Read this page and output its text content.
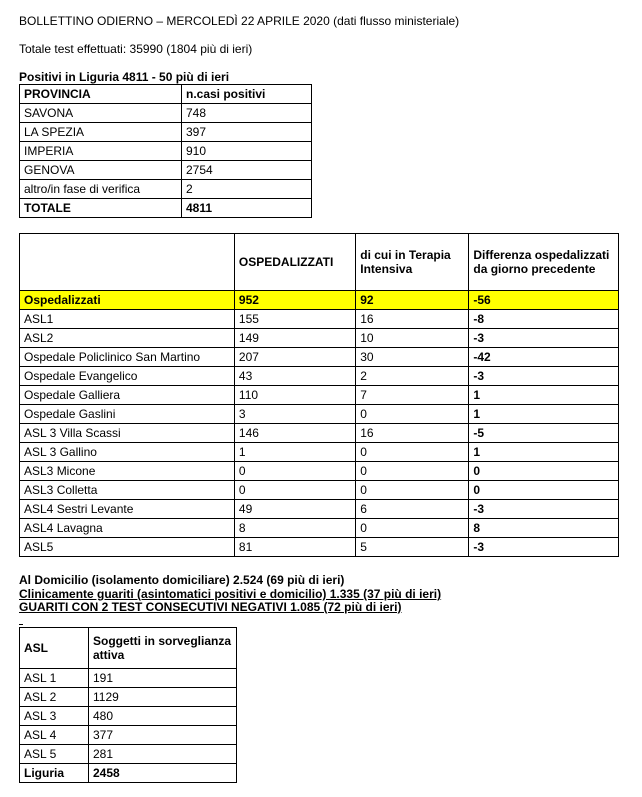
BOLLETTINO ODIERNO – MERCOLEDÌ 22 APRILE 2020 (dati flusso ministeriale)
Totale test effettuati: 35990 (1804 più di ieri)
Positivi in Liguria 4811 - 50 più di ieri
PROVINCIA	n.casi positivi
SAVONA	748
LA SPEZIA	397
IMPERIA	910
GENOVA	2754
altro/in fase di verifica	2
TOTALE	4811
	OSPEDALIZZATI	di cui in Terapia Intensiva	Differenza ospedalizzati da giorno precedente
Ospedalizzati	952	92	-56
ASL1	155	16	-8
ASL2	149	10	-3
Ospedale Policlinico San Martino	207	30	-42
Ospedale Evangelico	43	2	-3
Ospedale Galliera	110	7	1
Ospedale Gaslini	3	0	1
ASL 3 Villa Scassi	146	16	-5
ASL 3 Gallino	1	0	1
ASL3 Micone	0	0	0
ASL3 Colletta	0	0	0
ASL4 Sestri Levante	49	6	-3
ASL4 Lavagna	8	0	8
ASL5	81	5	-3
Al Domicilio (isolamento domiciliare) 2.524 (69 più di ieri)
Clinicamente guariti (asintomatici positivi e domicilio) 1.335 (37 più di ieri)
GUARITI CON 2 TEST CONSECUTIVI NEGATIVI 1.085 (72 più di ieri)
ASL	Soggetti in sorveglianza attiva
ASL 1	191
ASL 2	1129
ASL 3	480
ASL 4	377
ASL 5	281
Liguria	2458
